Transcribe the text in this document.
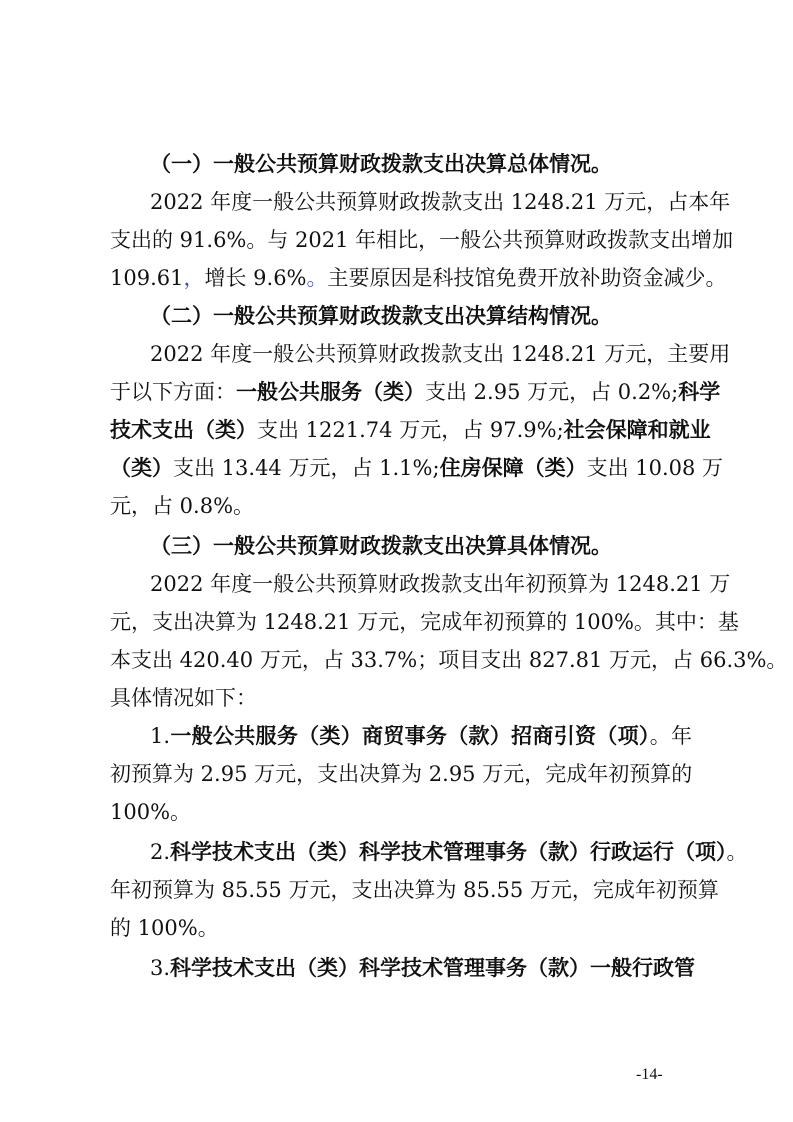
（一）一般公共预算财政拨款支出决算总体情况。
2022 年度一般公共预算财政拨款支出 1248.21 万元，占本年
支出的 91.6%。与 2021 年相比，一般公共预算财政拨款支出增加
109.61，增长 9.6%。主要原因是科技馆免费开放补助资金减少。
（二）一般公共预算财政拨款支出决算结构情况。
2022 年度一般公共预算财政拨款支出 1248.21 万元，主要用
于以下方面：一般公共服务（类）支出 2.95 万元，占 0.2%;科学
技术支出（类）支出 1221.74 万元，占 97.9%;社会保障和就业
（类）支出 13.44 万元，占 1.1%;住房保障（类）支出 10.08 万
元，占 0.8%。
（三）一般公共预算财政拨款支出决算具体情况。
2022 年度一般公共预算财政拨款支出年初预算为 1248.21 万
元，支出决算为 1248.21 万元，完成年初预算的 100%。其中：基
本支出 420.40 万元，占 33.7%；项目支出 827.81 万元，占 66.3%。
具体情况如下：
1.一般公共服务（类）商贸事务（款）招商引资（项）。年
初预算为 2.95 万元，支出决算为 2.95 万元，完成年初预算的
100%。
2.科学技术支出（类）科学技术管理事务（款）行政运行（项）。
年初预算为 85.55 万元，支出决算为 85.55 万元，完成年初预算
的 100%。
3.科学技术支出（类）科学技术管理事务（款）一般行政管
-14-
